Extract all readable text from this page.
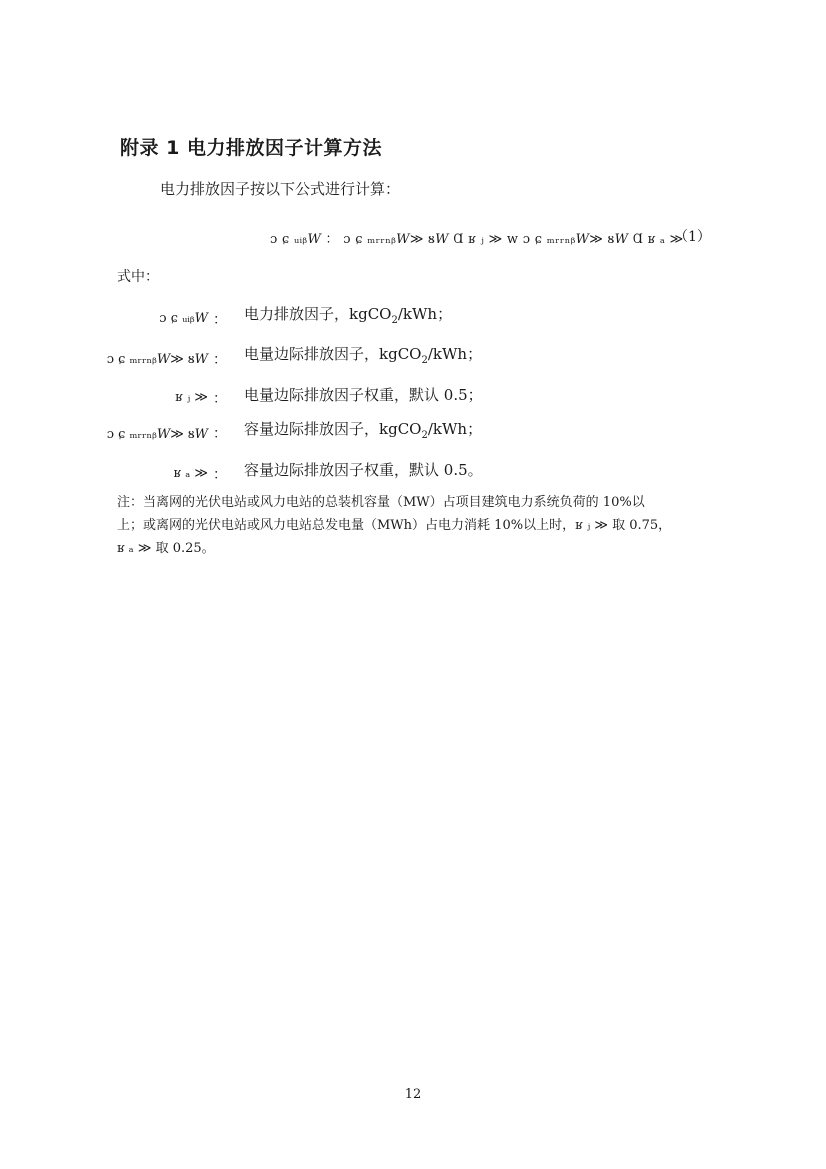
附录 1 电力排放因子计算方法
电力排放因子按以下公式进行计算：
ɔ ɕ ᵤᵢᵦ𝑊 ： ɔ ɕ ₘᵣᵣₙᵦ𝑊≫ ᴕ𝑊 Ɑ ʁ ⱼ ≫ ᴡ ɔ ɕ ₘᵣᵣₙᵦ𝑊≫ ᴕ𝑊 Ɑ ʁ ₐ ≫
（1）
式中：
ɔ ɕ ᵤᵢᵦ𝑊 ： 电力排放因子，kgCO$_2$/kWh；
ɔ ɕ ₘᵣᵣₙᵦ𝑊≫ ᴕ𝑊 ： 电量边际排放因子，kgCO$_2$/kWh；
ʁ ⱼ ≫ ： 电量边际排放因子权重，默认 0.5；
ɔ ɕ ₘᵣᵣₙᵦ𝑊≫ ᴕ𝑊 ： 容量边际排放因子，kgCO$_2$/kWh；
ʁ ₐ ≫ ： 容量边际排放因子权重，默认 0.5。
注：当离网的光伏电站或风力电站的总装机容量（MW）占项目建筑电力系统负荷的 10%以
上；或离网的光伏电站或风力电站总发电量（MWh）占电力消耗 10%以上时，ʁ ⱼ ≫ 取 0.75，
ʁ ₐ ≫ 取 0.25。
12
